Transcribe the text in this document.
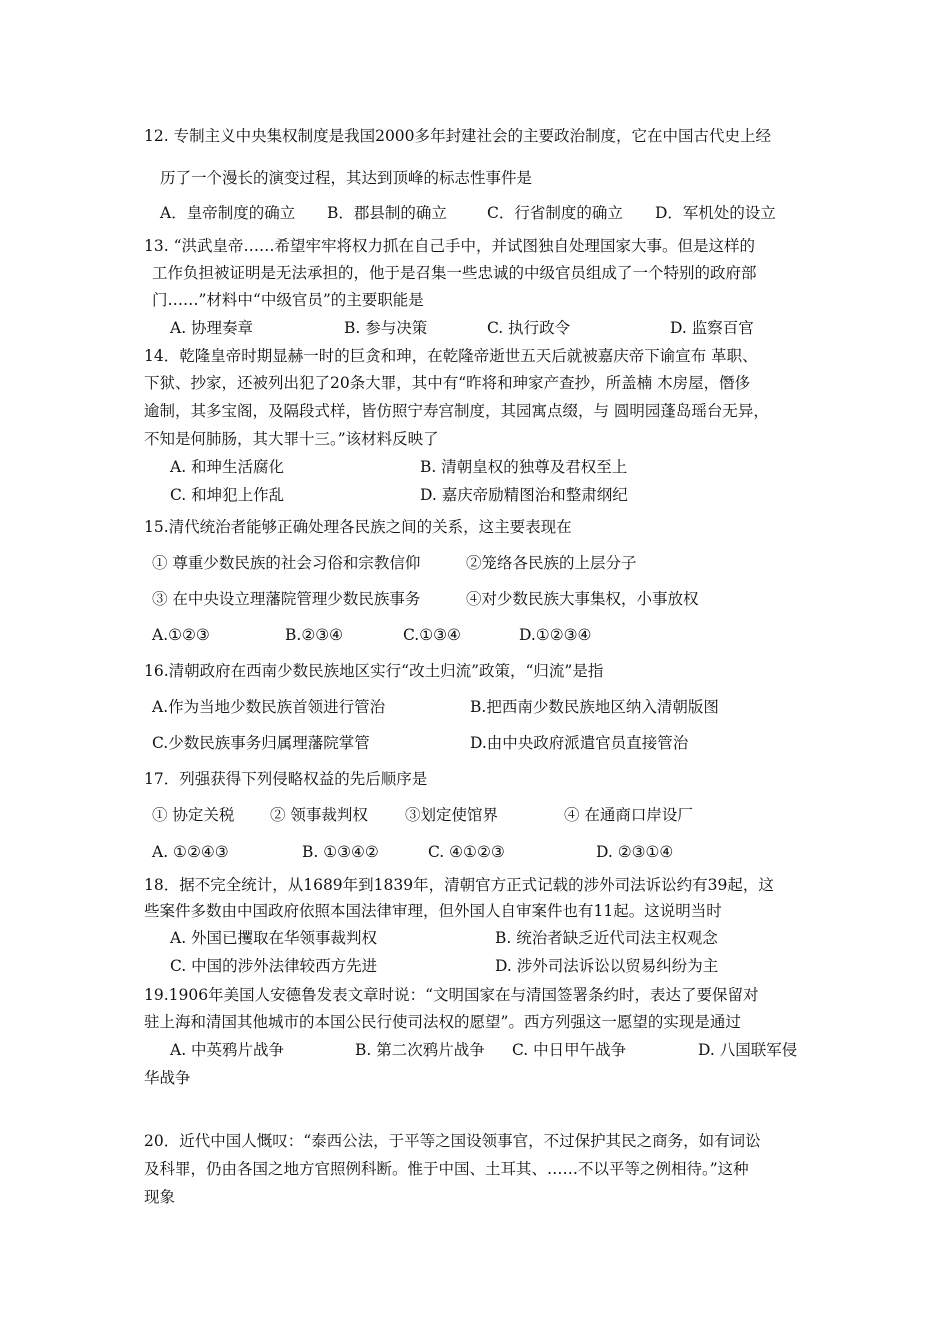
12. 专制主义中央集权制度是我国2000多年封建社会的主要政治制度，它在中国古代史上经
历了一个漫长的演变过程，其达到顶峰的标志性事件是
A．皇帝制度的确立 B．郡县制的确立	C．行省制度的确立 D．军机处的设立
13. “洪武皇帝……希望牢牢将权力抓在自己手中，并试图独自处理国家大事。但是这样的
工作负担被证明是无法承担的，他于是召集一些忠诚的中级官员组成了一个特别的政府部
门……”材料中“中级官员”的主要职能是
A. 协理奏章	B. 参与决策	C. 执行政令	D. 监察百官
14．乾隆皇帝时期显赫一时的巨贪和珅，在乾隆帝逝世五天后就被嘉庆帝下谕宣布 革职、
下狱、抄家，还被列出犯了20条大罪，其中有“昨将和珅家产查抄，所盖楠 木房屋，僭侈
逾制，其多宝阁，及隔段式样，皆仿照宁寿宫制度，其园寓点缀，与 圆明园蓬岛瑶台无异，
不知是何肺肠，其大罪十三。”该材料反映了
A. 和珅生活腐化	B. 清朝皇权的独尊及君权至上
C. 和坤犯上作乱	D. 嘉庆帝励精图治和整肃纲纪
15.清代统治者能够正确处理各民族之间的关系，这主要表现在
① 尊重少数民族的社会习俗和宗教信仰	②笼络各民族的上层分子
③ 在中央设立理藩院管理少数民族事务	④对少数民族大事集权，小事放权
A.①②③	B.②③④	C.①③④	D.①②③④
16.清朝政府在西南少数民族地区实行“改土归流”政策，“归流”是指
A.作为当地少数民族首领进行管治	B.把西南少数民族地区纳入清朝版图
C.少数民族事务归属理藩院掌管	D.由中央政府派遣官员直接管治
17．列强获得下列侵略权益的先后顺序是
① 协定关税 ② 领事裁判权 ③划定使馆界	④ 在通商口岸设厂
A. ①②④③	B. ①③④②	C. ④①②③	D. ②③①④
18．据不完全统计，从1689年到1839年，清朝官方正式记载的涉外司法诉讼约有39起，这
些案件多数由中国政府依照本国法律审理，但外国人自审案件也有11起。这说明当时
A. 外国已攫取在华领事裁判权	B. 统治者缺乏近代司法主权观念
C. 中国的涉外法律较西方先进	D. 涉外司法诉讼以贸易纠纷为主
19.1906年美国人安德鲁发表文章时说：“文明国家在与清国签署条约时，表达了要保留对
驻上海和清国其他城市的本国公民行使司法权的愿望”。西方列强这一愿望的实现是通过
A. 中英鸦片战争	B. 第二次鸦片战争 C. 中日甲午战争	D. 八国联军侵
华战争
20．近代中国人慨叹：“泰西公法，于平等之国设领事官，不过保护其民之商务，如有词讼
及科罪，仍由各国之地方官照例科断。惟于中国、土耳其、……不以平等之例相待。”这种
现象
